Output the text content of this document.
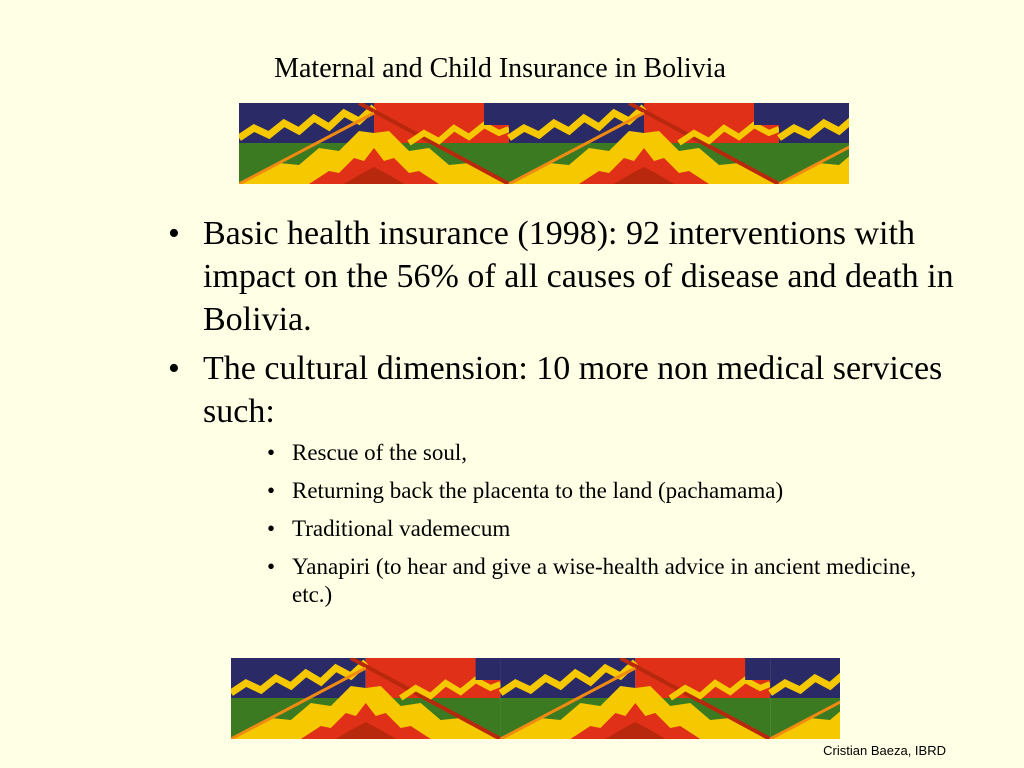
Maternal and Child Insurance in Bolivia
• Basic health insurance (1998): 92 interventions with impact on the 56% of all causes of disease and death in Bolivia.
• The cultural dimension: 10 more non medical services such:
• Rescue of the soul,
• Returning back the placenta to the land (pachamama)
• Traditional vademecum
• Yanapiri (to hear and give a wise-health advice in ancient medicine, etc.)
Cristian Baeza, IBRD
